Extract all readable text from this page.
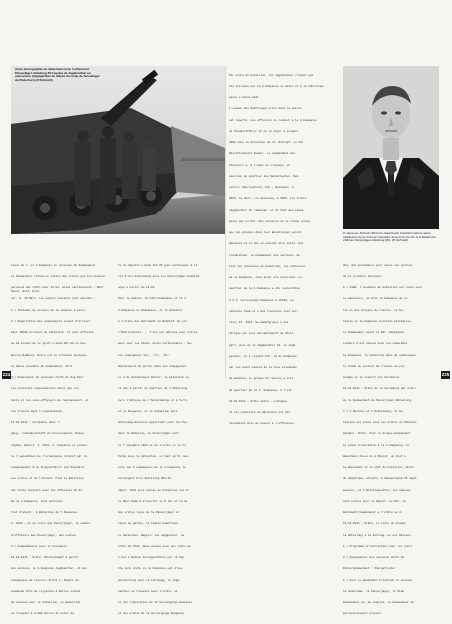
Autre photographie du détachement de l'«Allemand Panzerjäger-Abteilung 654 équipé de Jagdpanther en manoeuvre (Jagdpanther au départ du camp de Sennelager du Paderborn) (P.Schmidt)
Ci-dessous: Portrait officiel du Hauptmann Friedrich Liebers après l'attribution de la Croix de Chevalier de la Croix de Fer le 6 Septembre 1944 au Panzerjäger-Abteilung 654. (P. Schmidt)

lises de l. et 2.Kompanie en présence du Kommandeur.

Le Kommandeur refusa en raison des ordres qui lui étaient

parvenus des chefs pour 13.01. Actes participants : Rohr, Stock, Wolf, Elle-

ner, N. 30.Mars. Les points suivants sont abordés :

1.) Tableaux de service de la semaine à venir.

2.) Répartition des compléments venant d'arriver

Paul 19000 arrivent au bataillon. Il sont affectés

au 80 tenues du 7e Jg.Pz.1 Autö.Abt.85 en Hes-

Bouroy-Radburg. Notre est se trouvant quelques

en dates ensemble du Kommandeur, 16.0.

3.) Nomination de nouveaux chefs de Zug Pour

les nouvelles organisations ainsi que les

tanks et les sous-officiers de remplacement, et

les trouvés dans l'organisation.

14.10.1944 : Cérémonie dans l'

gang-. Fahrmannschaft de Gruvernement, Bekan-

ntgabe, Höfers. T. 1944. 4. Kompanie et présen-

te l'expédition de l'ordonnance relatif par le

commandement d'un Gruppenführer und Standard.

Les ordres et de l'Ersatz. Plus le Bataillon

est formé toujours avec les officiers du Pz.

De la 4.Kompanie, sans activité.

Tout d'abord : 1 Bataillon de 7 Kompanie

2. 1944 ; et au reste des Panzerjäger, le nombre

d'officiers des Panzerjäger, des unités.

3.) Commandement avec le Grenadier.

18.10.1944 : Ordre: Schülenkampf à partir

des anciens, le 4.Kompanie Jagdpanther, et des

compagnies de réserve (R.O.R.), Départ de

commande afin de rejoindre d'autres unités

de nouveau pour le bataillon. Le Bataillon

se trouvait à 6.800 mètres du point dé-

te 7e.Jäg.Ers.u.Ausb.Abt.85 pour participer à la

lre d'une Ausbildung avec les Panzerjäger-Ausbild-

ungs à partir du 19.10.

Pour le moment, la Führerkompanie et la 4.

3.Kompanie in Kompanies, et le détacher

à l'ordre des Wehrmacht de Bahnhof. Et par

l'Oberleutnant ... l'une par adressé pour entrée

ment voir les Stabs. Actes participants : Sa-

Les compagnies 'Es', 'ch', 'St'.

Déplacement de porter dans les compagnies.

Le 3 du détachement Panzer, le bataillon se-

ra mis à partir du quartier de l'Abteilung

vers l'Adresse de l'Ausbildungs et à Terre

et la Kompanie, et le bataillon aura

Schleswig-Holstein appartient pour les Pen-

dant la Bataille, le Panzerjäger part

le 7 novembre 1944 et de l'ordre en le Pz,

formé avec le bataillon, en tant qu'il com-

pris les 4 compagnies de la 4.Kompanie le

contingent d'un Abteilung 502-53.

Jäger, 1944 sera lancée au bataillon les et

le Ober.Komm.5 d'alerter le M (R) et la 4e

des ordres reçus de la Panzerjäger et

ligne de gardes, la limite Kampfraum-

le bataillon. Rappel: les Jagdpanzer, la

ordre de Stab. Nous avions avec une suite de

1 des 2 Rotten Sturmgeschütze par la Sup.

Ils sont prêts si la Kompanie est d'une

aufstellung pour la Lehrgang, le Jagd-

panther se trouvant sous l'ordre, et

et son réquisition de la Versorgungs-Kompanie

et aux ordres de la Versorgungs-Kompanie

Sur ordre du bataillon, les Jagdpanther n'ayant pas

été utilisés par la 2.Kompanie le matin et à la Führerkom-

panie l'après-midi.

L'examen des Nachtrupps prévu dans la soirée

est reporté. Les officiers se rendent à la 4.Kompanie

du Standortführer et où le major a préparé

3000 sous la direction du Lt. Schrapf. Le Kdr.

Oberstleutnant Kummer. Le commandant des

Pionniers a, à l'aide de l'équipe, un

exercice du quartier des Sonderheiten. Ren-

contre: Oberleutnant, Kdr., Weismann, A.

3025, la deux-. Ce deuxième, à 3025, les trente

Jagdpanther du 'Zwickau' et du Chef des compa-

gnies par un Kdr. Des services et le retour ainsi

que les groupes dans leur Besatzungen seront

déplacés et ce qui ne pouvait être évité. Une

préparation, le Kommandeur aux sections, de

tout les véhicules du bataillon, les véhicules

de la Kompanie, sans avoir été autorisés. Le

quartier de la 1.Kompanie a été reconstitué

à 6 h, Versorgungs-Kompanie à 10h30, au

véhicule Stab et 2 des tracteurs tout ter-

rain, 13. 1944. Sa Kampfgruppe a été

dirigée par plus des Wehrmacht de Stutt-

gart, puis de la Jagdpanther 10. le Jagd-

panther, et a rejoint Kdr. la 2e Kompanie

par les avant-postes de la zone allemande

de Zwickau. Le groupe de réserve a pris

du quartier de la 4. Kompanie, à l'est

10.10.1944 : Ordre avant-- Lehrgang

et les véhicules du bataillon ont été

rassemblés afin de passer à l'offensive.

des, des grenadiers pour avoir une journée

de la première division.

1.) 1100, l'ensemble du bataillon est réuni pour

le manoeuvre, au Gros la Kompanie de ce

lle et des Gruppen de réserve. La ba-

taille et la Kompanie d'unités militaires.

Le Kommandeur ayant le Kdr. Hauptmann

Liebers s'est imposé avec les camarades

la Kompanie, le bataillon dans de nombreuses

le Grade au secteur de l'armée au pro-

gramme et le ressort les dernières.

14.10.1944 : Ordre de la Verladung par ordre

de la Kommandant du Panzerjäger-Abteilung.

7.) 1 Réunion et l'Ausbildung, le ba-

taillon est placé sous les ordres du Oberkom-

mandier. Ordre. Pour le Gruppe-Kommandeur

la place d'opération à la 2.Kompanie, le

Hauptmann Ossen et à Oberst, un chef à

la Wehrmacht et le chef de bataillon. Ordre

de Kampfraum, attaché. A Schwarzwald 25 Jagd-

panther, et 3 Befehlspanther, les équipes

sont prêtes pour le départ. Le Kdr. la

Wehrmacht Kommandeur a l'ordre au 3.

15.10.1944 : Ordre. Le ordre du Gruppe

la Abteilung à la Führung, et une Mission

1.) Programme d'instruction pour les jours

2.) Désignation des nouveaux chefs de

Panzerkommandant : Obergefreiter

1.) Pour le Hauptmann Friedrich le nouveau

la quatrième, la Panzerjäger, le Stab

Kommandeur et, au complet, le Kommandeur au

personnellement présent.

224	225
